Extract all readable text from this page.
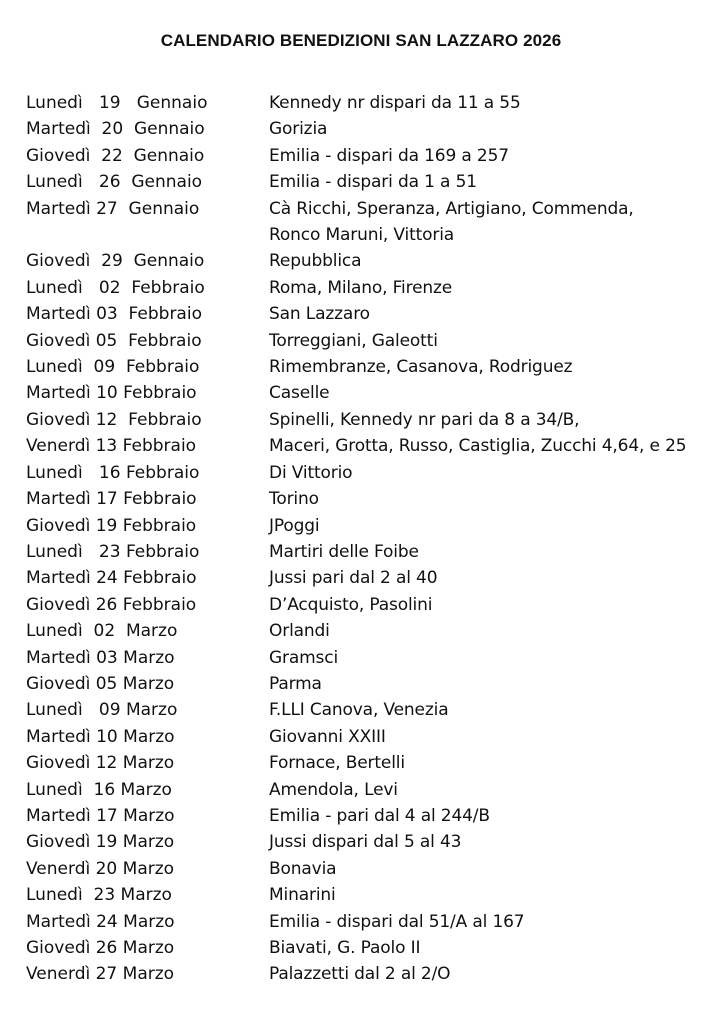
CALENDARIO BENEDIZIONI SAN LAZZARO 2026
Lunedì   19   Gennaio	Kennedy nr dispari da 11 a 55
Martedì  20  Gennaio	Gorizia
Giovedì  22  Gennaio	Emilia - dispari da 169 a 257
Lunedì   26  Gennaio	Emilia - dispari da 1 a 51
Martedì 27  Gennaio	Cà Ricchi, Speranza, Artigiano, Commenda,
Ronco Maruni, Vittoria
Giovedì  29  Gennaio	Repubblica
Lunedì   02  Febbraio	Roma, Milano, Firenze
Martedì 03  Febbraio	San Lazzaro
Giovedì 05  Febbraio	Torreggiani, Galeotti
Lunedì  09  Febbraio	Rimembranze, Casanova, Rodriguez
Martedì 10 Febbraio	Caselle
Giovedì 12  Febbraio	Spinelli, Kennedy nr pari da 8 a 34/B,
Venerdì 13 Febbraio	Maceri, Grotta, Russo, Castiglia, Zucchi 4,64, e 25
Lunedì   16 Febbraio	Di Vittorio
Martedì 17 Febbraio	Torino
Giovedì 19 Febbraio	JPoggi
Lunedì   23 Febbraio	Martiri delle Foibe
Martedì 24 Febbraio	Jussi pari dal 2 al 40
Giovedì 26 Febbraio	D’Acquisto, Pasolini
Lunedì  02  Marzo	Orlandi
Martedì 03 Marzo	Gramsci
Giovedì 05 Marzo	Parma
Lunedì   09 Marzo	F.LLI Canova, Venezia
Martedì 10 Marzo	Giovanni XXIII
Giovedì 12 Marzo	Fornace, Bertelli
Lunedì  16 Marzo	Amendola, Levi
Martedì 17 Marzo	Emilia - pari dal 4 al 244/B
Giovedì 19 Marzo	Jussi dispari dal 5 al 43
Venerdì 20 Marzo	Bonavia
Lunedì  23 Marzo	Minarini
Martedì 24 Marzo	Emilia - dispari dal 51/A al 167
Giovedì 26 Marzo	Biavati, G. Paolo II
Venerdì 27 Marzo	Palazzetti dal 2 al 2/O
